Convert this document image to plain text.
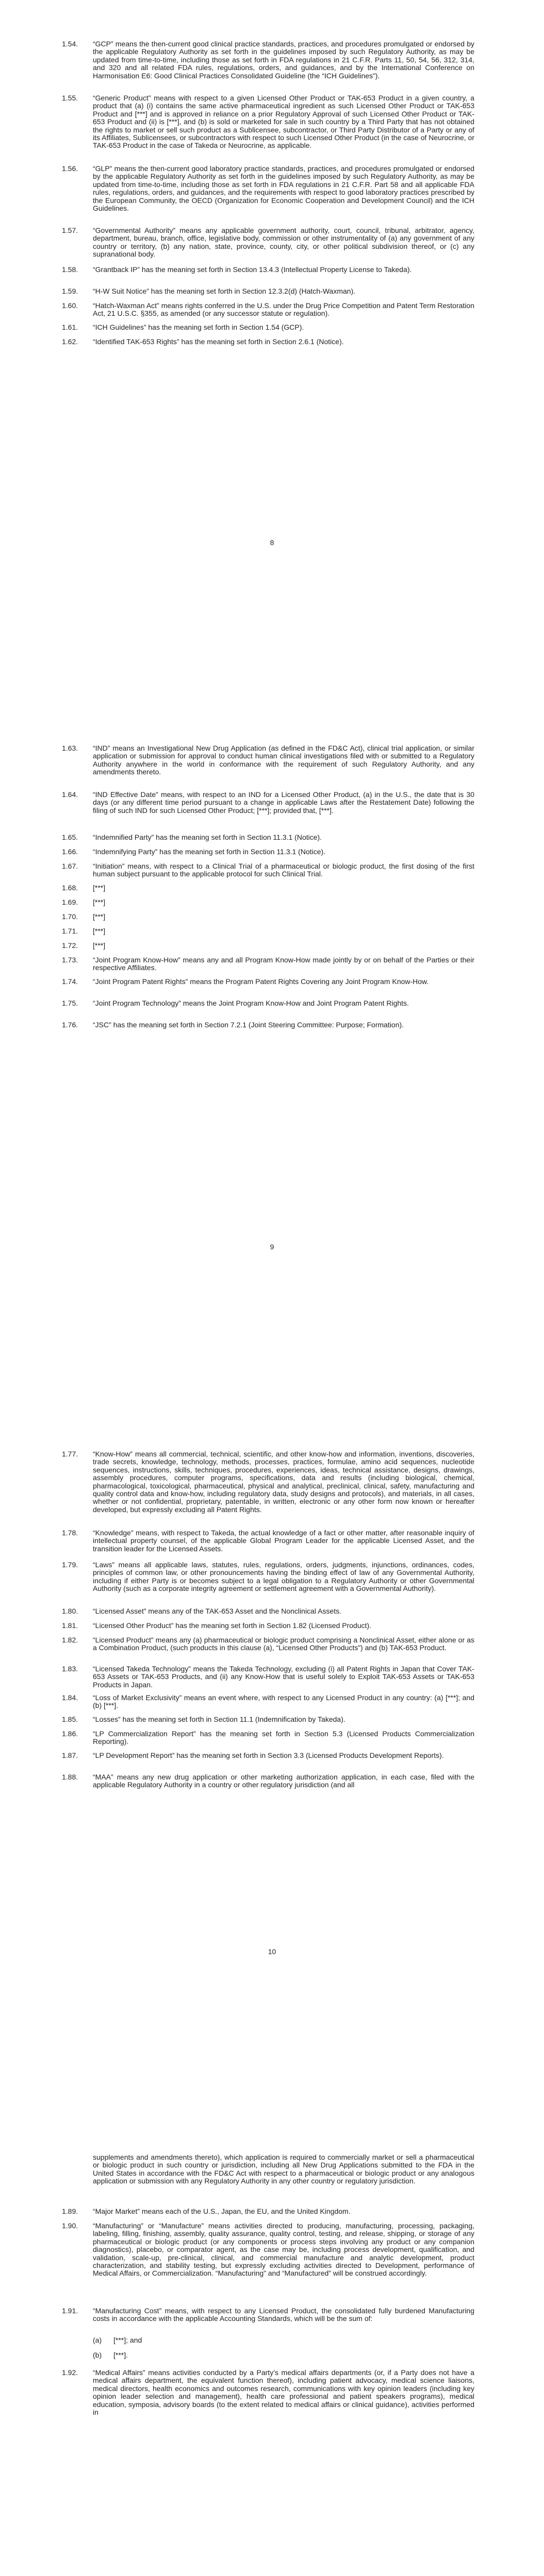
1.54.	“GCP” means the then-current good clinical practice standards, practices, and procedures promulgated or endorsed by the applicable Regulatory Authority as set forth in the guidelines imposed by such Regulatory Authority, as may be updated from time-to-time, including those as set forth in FDA regulations in 21 C.F.R. Parts 11, 50, 54, 56, 312, 314, and 320 and all related FDA rules, regulations, orders, and guidances, and by the International Conference on Harmonisation E6: Good Clinical Practices Consolidated Guideline (the “ICH Guidelines”).
1.55.	“Generic Product” means with respect to a given Licensed Other Product or TAK-653 Product in a given country, a product that (a) (i) contains the same active pharmaceutical ingredient as such Licensed Other Product or TAK-653 Product and [***] and is approved in reliance on a prior Regulatory Approval of such Licensed Other Product or TAK-653 Product and (ii) is [***], and (b) is sold or marketed for sale in such country by a Third Party that has not obtained the rights to market or sell such product as a Sublicensee, subcontractor, or Third Party Distributor of a Party or any of its Affiliates, Sublicensees, or subcontractors with respect to such Licensed Other Product (in the case of Neurocrine, or TAK-653 Product in the case of Takeda or Neurocrine, as applicable.
1.56.	“GLP” means the then-current good laboratory practice standards, practices, and procedures promulgated or endorsed by the applicable Regulatory Authority as set forth in the guidelines imposed by such Regulatory Authority, as may be updated from time-to-time, including those as set forth in FDA regulations in 21 C.F.R. Part 58 and all applicable FDA rules, regulations, orders, and guidances, and the requirements with respect to good laboratory practices prescribed by the European Community, the OECD (Organization for Economic Cooperation and Development Council) and the ICH Guidelines.
1.57.	“Governmental Authority” means any applicable government authority, court, council, tribunal, arbitrator, agency, department, bureau, branch, office, legislative body, commission or other instrumentality of (a) any government of any country or territory, (b) any nation, state, province, county, city, or other political subdivision thereof, or (c) any supranational body.
1.58.	“Grantback IP” has the meaning set forth in Section 13.4.3 (Intellectual Property License to Takeda).
1.59.	“H-W Suit Notice” has the meaning set forth in Section 12.3.2(d) (Hatch-Waxman).
1.60.	“Hatch-Waxman Act” means rights conferred in the U.S. under the Drug Price Competition and Patent Term Restoration Act, 21 U.S.C. §355, as amended (or any successor statute or regulation).
1.61.	“ICH Guidelines” has the meaning set forth in Section 1.54 (GCP).
1.62.	“Identified TAK-653 Rights” has the meaning set forth in Section 2.6.1 (Notice).
8
1.63.	“IND” means an Investigational New Drug Application (as defined in the FD&C Act), clinical trial application, or similar application or submission for approval to conduct human clinical investigations filed with or submitted to a Regulatory Authority anywhere in the world in conformance with the requirement of such Regulatory Authority, and any amendments thereto.
1.64.	“IND Effective Date” means, with respect to an IND for a Licensed Other Product, (a) in the U.S., the date that is 30 days (or any different time period pursuant to a change in applicable Laws after the Restatement Date) following the filing of such IND for such Licensed Other Product; [***]; provided that, [***].
1.65.	“Indemnified Party” has the meaning set forth in Section 11.3.1 (Notice).
1.66.	“Indemnifying Party” has the meaning set forth in Section 11.3.1 (Notice).
1.67.	“Initiation” means, with respect to a Clinical Trial of a pharmaceutical or biologic product, the first dosing of the first human subject pursuant to the applicable protocol for such Clinical Trial.
1.68.	[***]
1.69.	[***]
1.70.	[***]
1.71.	[***]
1.72.	[***]
1.73.	“Joint Program Know-How” means any and all Program Know-How made jointly by or on behalf of the Parties or their respective Affiliates.
1.74.	“Joint Program Patent Rights” means the Program Patent Rights Covering any Joint Program Know-How.
1.75.	“Joint Program Technology” means the Joint Program Know-How and Joint Program Patent Rights.
1.76.	“JSC” has the meaning set forth in Section 7.2.1 (Joint Steering Committee: Purpose; Formation).
9
1.77.	“Know-How” means all commercial, technical, scientific, and other know-how and information, inventions, discoveries, trade secrets, knowledge, technology, methods, processes, practices, formulae, amino acid sequences, nucleotide sequences, instructions, skills, techniques, procedures, experiences, ideas, technical assistance, designs, drawings, assembly procedures, computer programs, specifications, data and results (including biological, chemical, pharmacological, toxicological, pharmaceutical, physical and analytical, preclinical, clinical, safety, manufacturing and quality control data and know-how, including regulatory data, study designs and protocols), and materials, in all cases, whether or not confidential, proprietary, patentable, in written, electronic or any other form now known or hereafter developed, but expressly excluding all Patent Rights.
1.78.	“Knowledge” means, with respect to Takeda, the actual knowledge of a fact or other matter, after reasonable inquiry of intellectual property counsel, of the applicable Global Program Leader for the applicable Licensed Asset, and the transition leader for the Licensed Assets.
1.79.	“Laws” means all applicable laws, statutes, rules, regulations, orders, judgments, injunctions, ordinances, codes, principles of common law, or other pronouncements having the binding effect of law of any Governmental Authority, including if either Party is or becomes subject to a legal obligation to a Regulatory Authority or other Governmental Authority (such as a corporate integrity agreement or settlement agreement with a Governmental Authority).
1.80.	“Licensed Asset” means any of the TAK-653 Asset and the Nonclinical Assets.
1.81.	“Licensed Other Product” has the meaning set forth in Section 1.82 (Licensed Product).
1.82.	“Licensed Product” means any (a) pharmaceutical or biologic product comprising a Nonclinical Asset, either alone or as a Combination Product, (such products in this clause (a), “Licensed Other Products”) and (b) TAK-653 Product.
1.83.	“Licensed Takeda Technology” means the Takeda Technology, excluding (i) all Patent Rights in Japan that Cover TAK-653 Assets or TAK-653 Products, and (ii) any Know-How that is useful solely to Exploit TAK-653 Assets or TAK-653 Products in Japan.
1.84.	“Loss of Market Exclusivity” means an event where, with respect to any Licensed Product in any country: (a) [***]; and (b) [***].
1.85.	“Losses” has the meaning set forth in Section 11.1 (Indemnification by Takeda).
1.86.	“LP Commercialization Report” has the meaning set forth in Section 5.3 (Licensed Products Commercialization Reporting).
1.87.	“LP Development Report” has the meaning set forth in Section 3.3 (Licensed Products Development Reports).
1.88.	“MAA” means any new drug application or other marketing authorization application, in each case, filed with the applicable Regulatory Authority in a country or other regulatory jurisdiction (and all
10
supplements and amendments thereto), which application is required to commercially market or sell a pharmaceutical or biologic product in such country or jurisdiction, including all New Drug Applications submitted to the FDA in the United States in accordance with the FD&C Act with respect to a pharmaceutical or biologic product or any analogous application or submission with any Regulatory Authority in any other country or regulatory jurisdiction.
1.89.	“Major Market” means each of the U.S., Japan, the EU, and the United Kingdom.
1.90.	“Manufacturing” or “Manufacture” means activities directed to producing, manufacturing, processing, packaging, labeling, filling, finishing, assembly, quality assurance, quality control, testing, and release, shipping, or storage of any pharmaceutical or biologic product (or any components or process steps involving any product or any companion diagnostics), placebo, or comparator agent, as the case may be, including process development, qualification, and validation, scale-up, pre-clinical, clinical, and commercial manufacture and analytic development, product characterization, and stability testing, but expressly excluding activities directed to Development, performance of Medical Affairs, or Commercialization. “Manufacturing” and “Manufactured” will be construed accordingly.
1.91.	“Manufacturing Cost” means, with respect to any Licensed Product, the consolidated fully burdened Manufacturing costs in accordance with the applicable Accounting Standards, which will be the sum of:
(a)	[***]; and
(b)	[***].
1.92.	“Medical Affairs” means activities conducted by a Party’s medical affairs departments (or, if a Party does not have a medical affairs department, the equivalent function thereof), including patient advocacy, medical science liaisons, medical directors, health economics and outcomes research, communications with key opinion leaders (including key opinion leader selection and management), health care professional and patient speakers programs), medical education, symposia, advisory boards (to the extent related to medical affairs or clinical guidance), activities performed in
